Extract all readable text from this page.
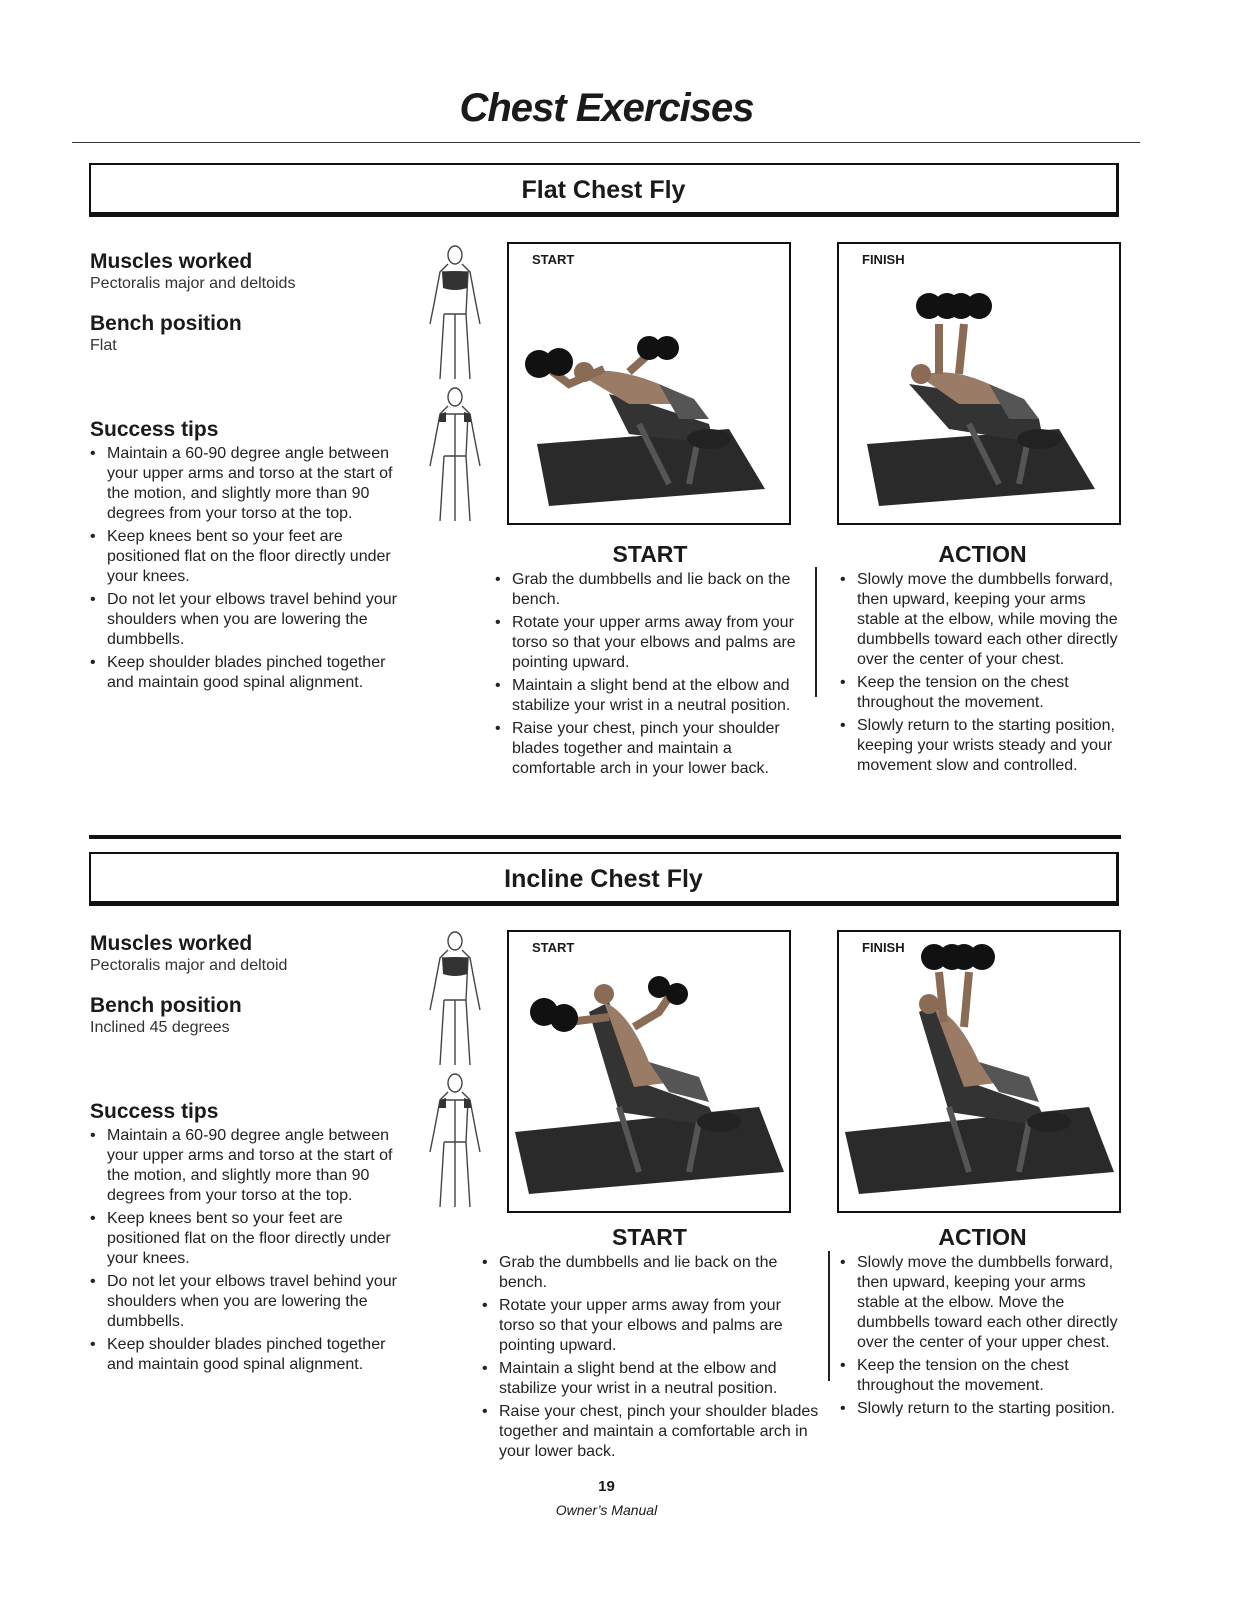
Chest Exercises
Flat Chest Fly
Muscles worked
Pectoralis major and deltoids
Bench position
Flat
Success tips
• Maintain a 60-90 degree angle between your upper arms and torso at the start of the motion, and slightly more than 90 degrees from your torso at the top.
• Keep knees bent so your feet are positioned flat on the floor directly under your knees.
• Do not let your elbows travel behind your shoulders when you are lowering the dumbbells.
• Keep shoulder blades pinched together and maintain good spinal alignment.
START	FINISH
START
• Grab the dumbbells and lie back on the bench.
• Rotate your upper arms away from your torso so that your elbows and palms are pointing upward.
• Maintain a slight bend at the elbow and stabilize your wrist in a neutral position.
• Raise your chest, pinch your shoulder blades together and maintain a comfortable arch in your lower back.
ACTION
• Slowly move the dumbbells forward, then upward, keeping your arms stable at the elbow, while moving the dumbbells toward each other directly over the center of your chest.
• Keep the tension on the chest throughout the movement.
• Slowly return to the starting position, keeping your wrists steady and your movement slow and controlled.
Incline Chest Fly
Muscles worked
Pectoralis major and deltoid
Bench position
Inclined 45 degrees
Success tips
• Maintain a 60-90 degree angle between your upper arms and torso at the start of the motion, and slightly more than 90 degrees from your torso at the top.
• Keep knees bent so your feet are positioned flat on the floor directly under your knees.
• Do not let your elbows travel behind your shoulders when you are lowering the dumbbells.
• Keep shoulder blades pinched together and maintain good spinal alignment.
START	FINISH
START
• Grab the dumbbells and lie back on the bench.
• Rotate your upper arms away from your torso so that your elbows and palms are pointing upward.
• Maintain a slight bend at the elbow and stabilize your wrist in a neutral position.
• Raise your chest, pinch your shoulder blades together and maintain a comfortable arch in your lower back.
ACTION
• Slowly move the dumbbells forward, then upward, keeping your arms stable at the elbow. Move the dumbbells toward each other directly over the center of your upper chest.
• Keep the tension on the chest throughout the movement.
• Slowly return to the starting position.
19
Owner’s Manual
